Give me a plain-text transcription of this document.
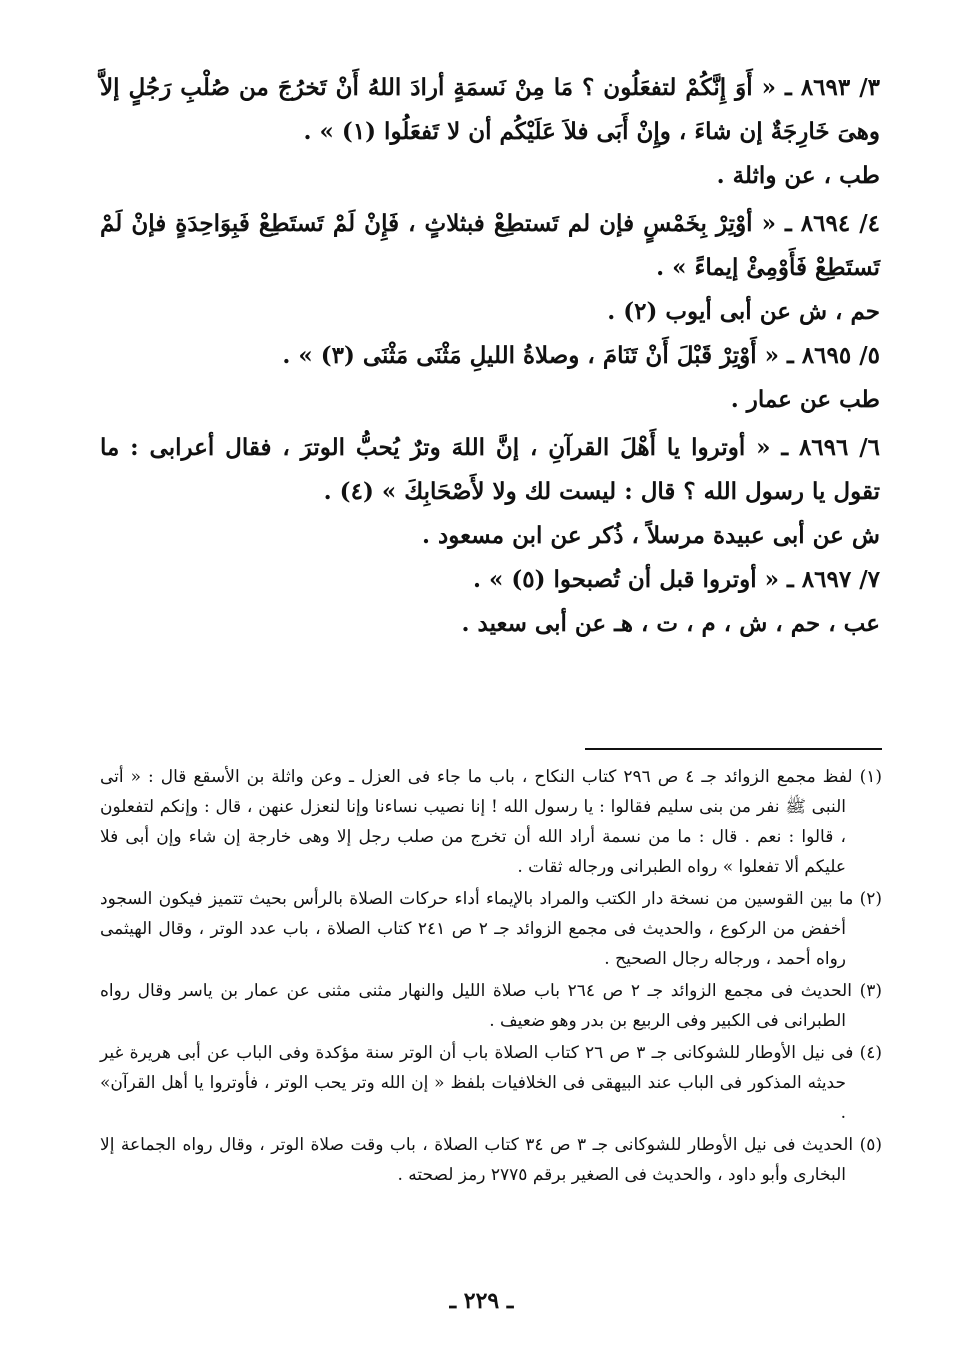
٣/ ٨٦٩٣ ـ « أَوَ إِنَّكُمْ لتفعَلُون ؟ مَا مِنْ نَسمَةٍ أرادَ اللهُ أَنْ تَخرُجَ من صُلْبِ رَجُلٍ إلاَّ وهىَ خَارِجَةٌ إن شاءَ ، وإِنْ أَبَى فلاَ عَلَيْكُم أن لا تَفعَلُوا (١) » .

طب ، عن واثلة .

٤/ ٨٦٩٤ ـ « أوْتِرْ بِخَمْسٍ فإن لم تَستطِعْ فبثلاثٍ ، فَإِنْ لَمْ تَستَطِعْ فَبِوَاحِدَةٍ فإنْ لَمْ تَستَطِعْ فَأَوْمِئْ إيماءً » .

حم ، ش عن أبى أيوب (٢) .

٥/ ٨٦٩٥ ـ « أَوْتِرْ قَبْلَ أَنْ تَنَامَ ، وصلاةُ الليلِ مَثْنَى مَثْنَى (٣) » .

طب عن عمار .

٦/ ٨٦٩٦ ـ « أوتروا يا أَهْلَ القرآنِ ، إنَّ اللهَ وترٌ يُحبُّ الوترَ ، فقال أعرابى : ما تقول يا رسول الله ؟ قال : ليست لك ولا لأَصْحَابِكَ » (٤) .

ش عن أبى عبيدة مرسلاً ، ذُكر عن ابن مسعود .

٧/ ٨٦٩٧ ـ « أوتروا قبل أن تُصبحوا (٥) » .

عب ، حم ، ش ، م ، ت ، هـ عن أبى سعيد .

(١) لفظ مجمع الزوائد جـ ٤ ص ٢٩٦ كتاب النكاح ، باب ما جاء فى العزل ـ وعن واثلة بن الأسقع قال : « أتى النبى ﷺ نفر من بنى سليم فقالوا : يا رسول الله ! إنا نصيب نساءنا وإنا لنعزل عنهن ، قال : وإنكم لتفعلون ، قالوا : نعم . قال : ما من نسمة أراد الله أن تخرج من صلب رجل إلا وهى خارجة إن شاء وإن أبى فلا عليكم ألا تفعلوا » رواه الطبرانى ورجاله ثقات .

(٢) ما بين القوسين من نسخة دار الكتب والمراد بالإيماء أداء حركات الصلاة بالرأس بحيث تتميز فيكون السجود أخفض من الركوع ، والحديث فى مجمع الزوائد جـ ٢ ص ٢٤١ كتاب الصلاة ، باب عدد الوتر ، وقال الهيثمى رواه أحمد ، ورجاله رجال الصحيح .

(٣) الحديث فى مجمع الزوائد جـ ٢ ص ٢٦٤ باب صلاة الليل والنهار مثنى مثنى عن عمار بن ياسر وقال رواه الطبرانى فى الكبير وفى الربيع بن بدر وهو ضعيف .

(٤) فى نيل الأوطار للشوكانى جـ ٣ ص ٢٦ كتاب الصلاة باب أن الوتر سنة مؤكدة وفى الباب عن أبى هريرة غير حديثه المذكور فى الباب عند البيهقى فى الخلافيات بلفظ « إن الله وتر يحب الوتر ، فأوتروا يا أهل القرآن» .

(٥) الحديث فى نيل الأوطار للشوكانى جـ ٣ ص ٣٤ كتاب الصلاة ، باب وقت صلاة الوتر ، وقال رواه الجماعة إلا البخارى وأبو داود ، والحديث فى الصغير برقم ٢٧٧٥ رمز لصحته .

ـ ٢٢٩ ـ
